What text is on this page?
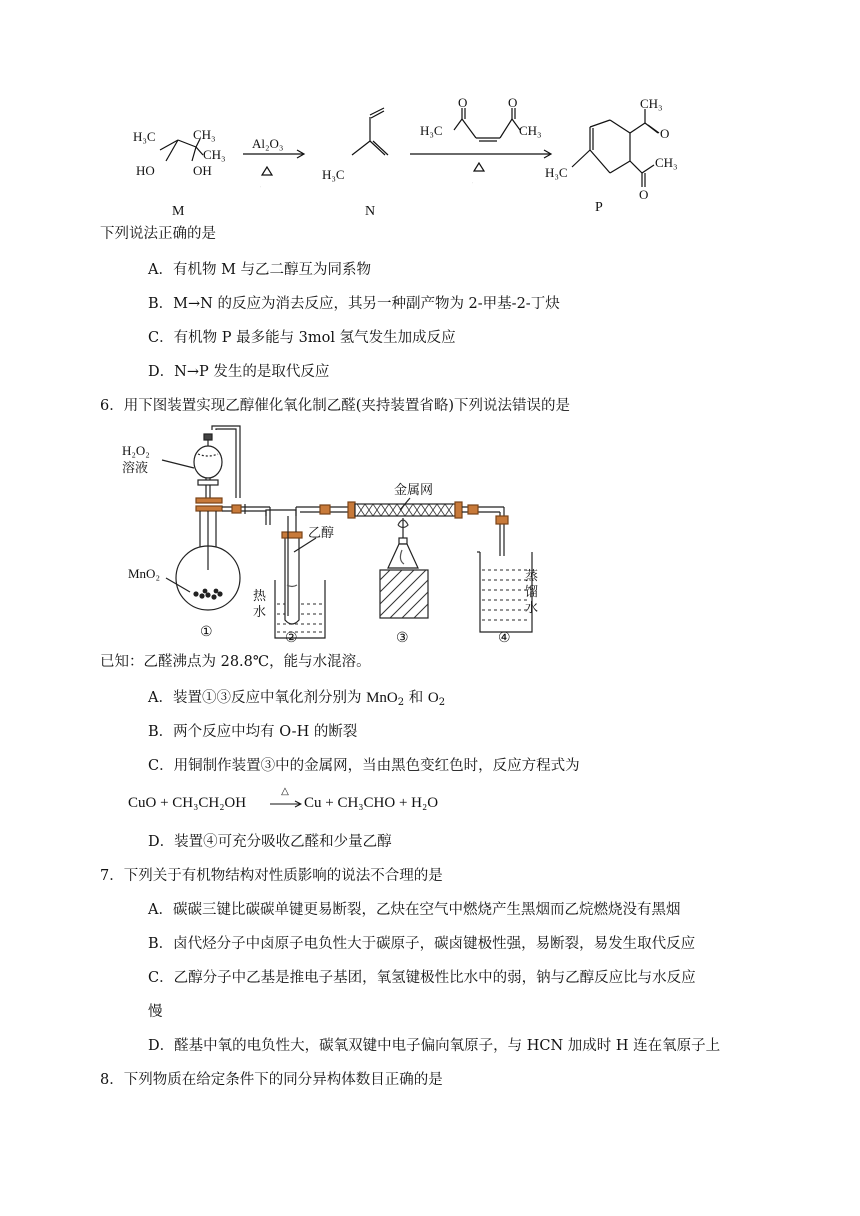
H₃C	CH₃
CH₃
HO	OH
Al₂O₃
H₃C
H₃C
O	O
CH₃
H₃C
O
CH₃
CH₃
O
M	N	P
△
△
下列说法正确的是
A．有机物 M 与乙二醇互为同系物
B．M→N 的反应为消去反应，其另一种副产物为 2-甲基-2-丁炔
C．有机物 P 最多能与 3mol 氢气发生加成反应
D．N→P 发生的是取代反应
6．用下图装置实现乙醇催化氧化制乙醛(夹持装置省略)下列说法错误的是
H₂O₂
溶液
MnO₂
乙醇
热
水
金属网
蒸
馏
水
①	②	③	④
已知：乙醛沸点为 28.8℃，能与水混溶。
A．装置①③反应中氧化剂分别为 MnO$_2$ 和 $O_2$
B．两个反应中均有 O-H 的断裂
C．用铜制作装置③中的金属网，当由黑色变红色时，反应方程式为
CuO + CH₃CH₂OH
△
Cu + CH₃CHO + H₂O
D．装置④可充分吸收乙醛和少量乙醇
7．下列关于有机物结构对性质影响的说法不合理的是
A．碳碳三键比碳碳单键更易断裂，乙炔在空气中燃烧产生黑烟而乙烷燃烧没有黑烟
B．卤代烃分子中卤原子电负性大于碳原子，碳卤键极性强，易断裂，易发生取代反应
C．乙醇分子中乙基是推电子基团，氧氢键极性比水中的弱，钠与乙醇反应比与水反应
慢
D．醛基中氧的电负性大，碳氧双键中电子偏向氧原子，与 HCN 加成时 H 连在氧原子上
8．下列物质在给定条件下的同分异构体数目正确的是
